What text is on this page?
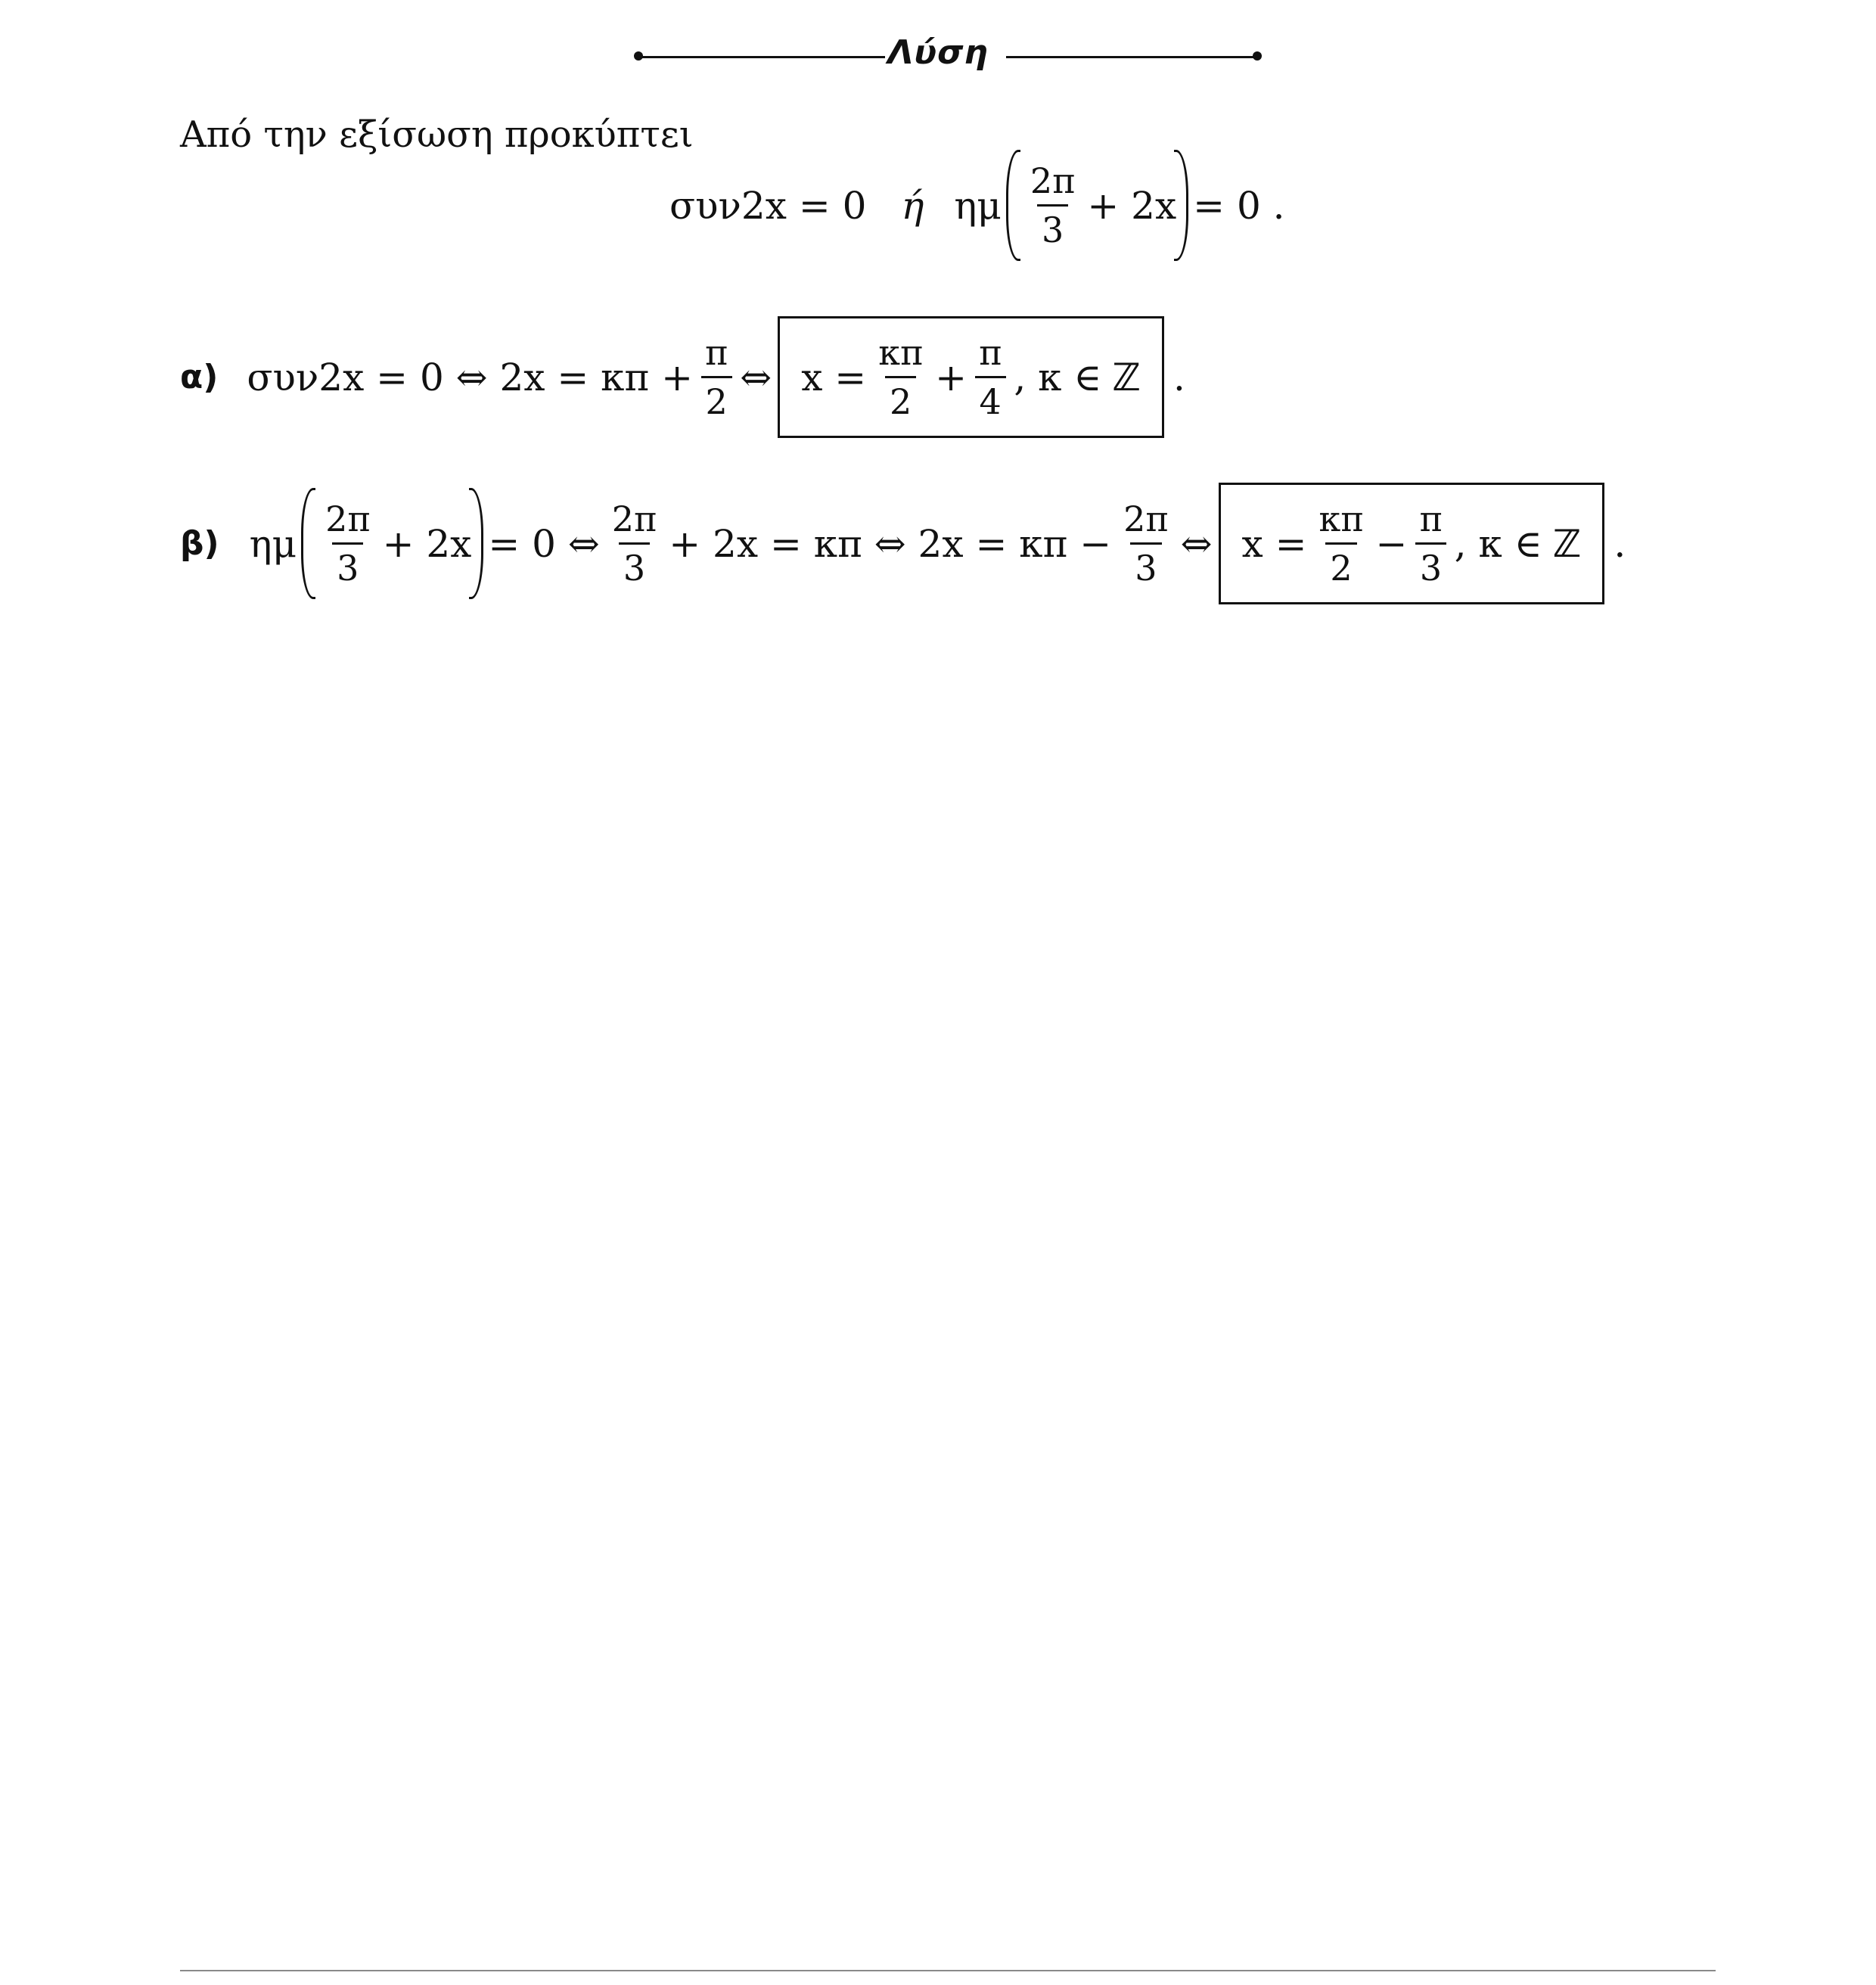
Λύση
Από την εξίσωση προκύπτει
συν2x = 0 ή ημ $\frac{2\pi}{3} + 2x = 0$ .
α) συν2x = 0 ⇔ $2x = \kappa\pi + \frac{\pi}{2}$ ⇔ $x = \frac{\kappa\pi}{2} + \frac{\pi}{4}$ , κ ∈ ℤ .
β) ημ $\frac{2\pi}{3} + 2x = 0$ ⇔ $\frac{2\pi}{3} + 2x = \kappa\pi$ ⇔ $2x = \kappa\pi - \frac{2\pi}{3}$ ⇔ $x = \frac{\kappa\pi}{2} - \frac{\pi}{3}$ , κ ∈ ℤ .
